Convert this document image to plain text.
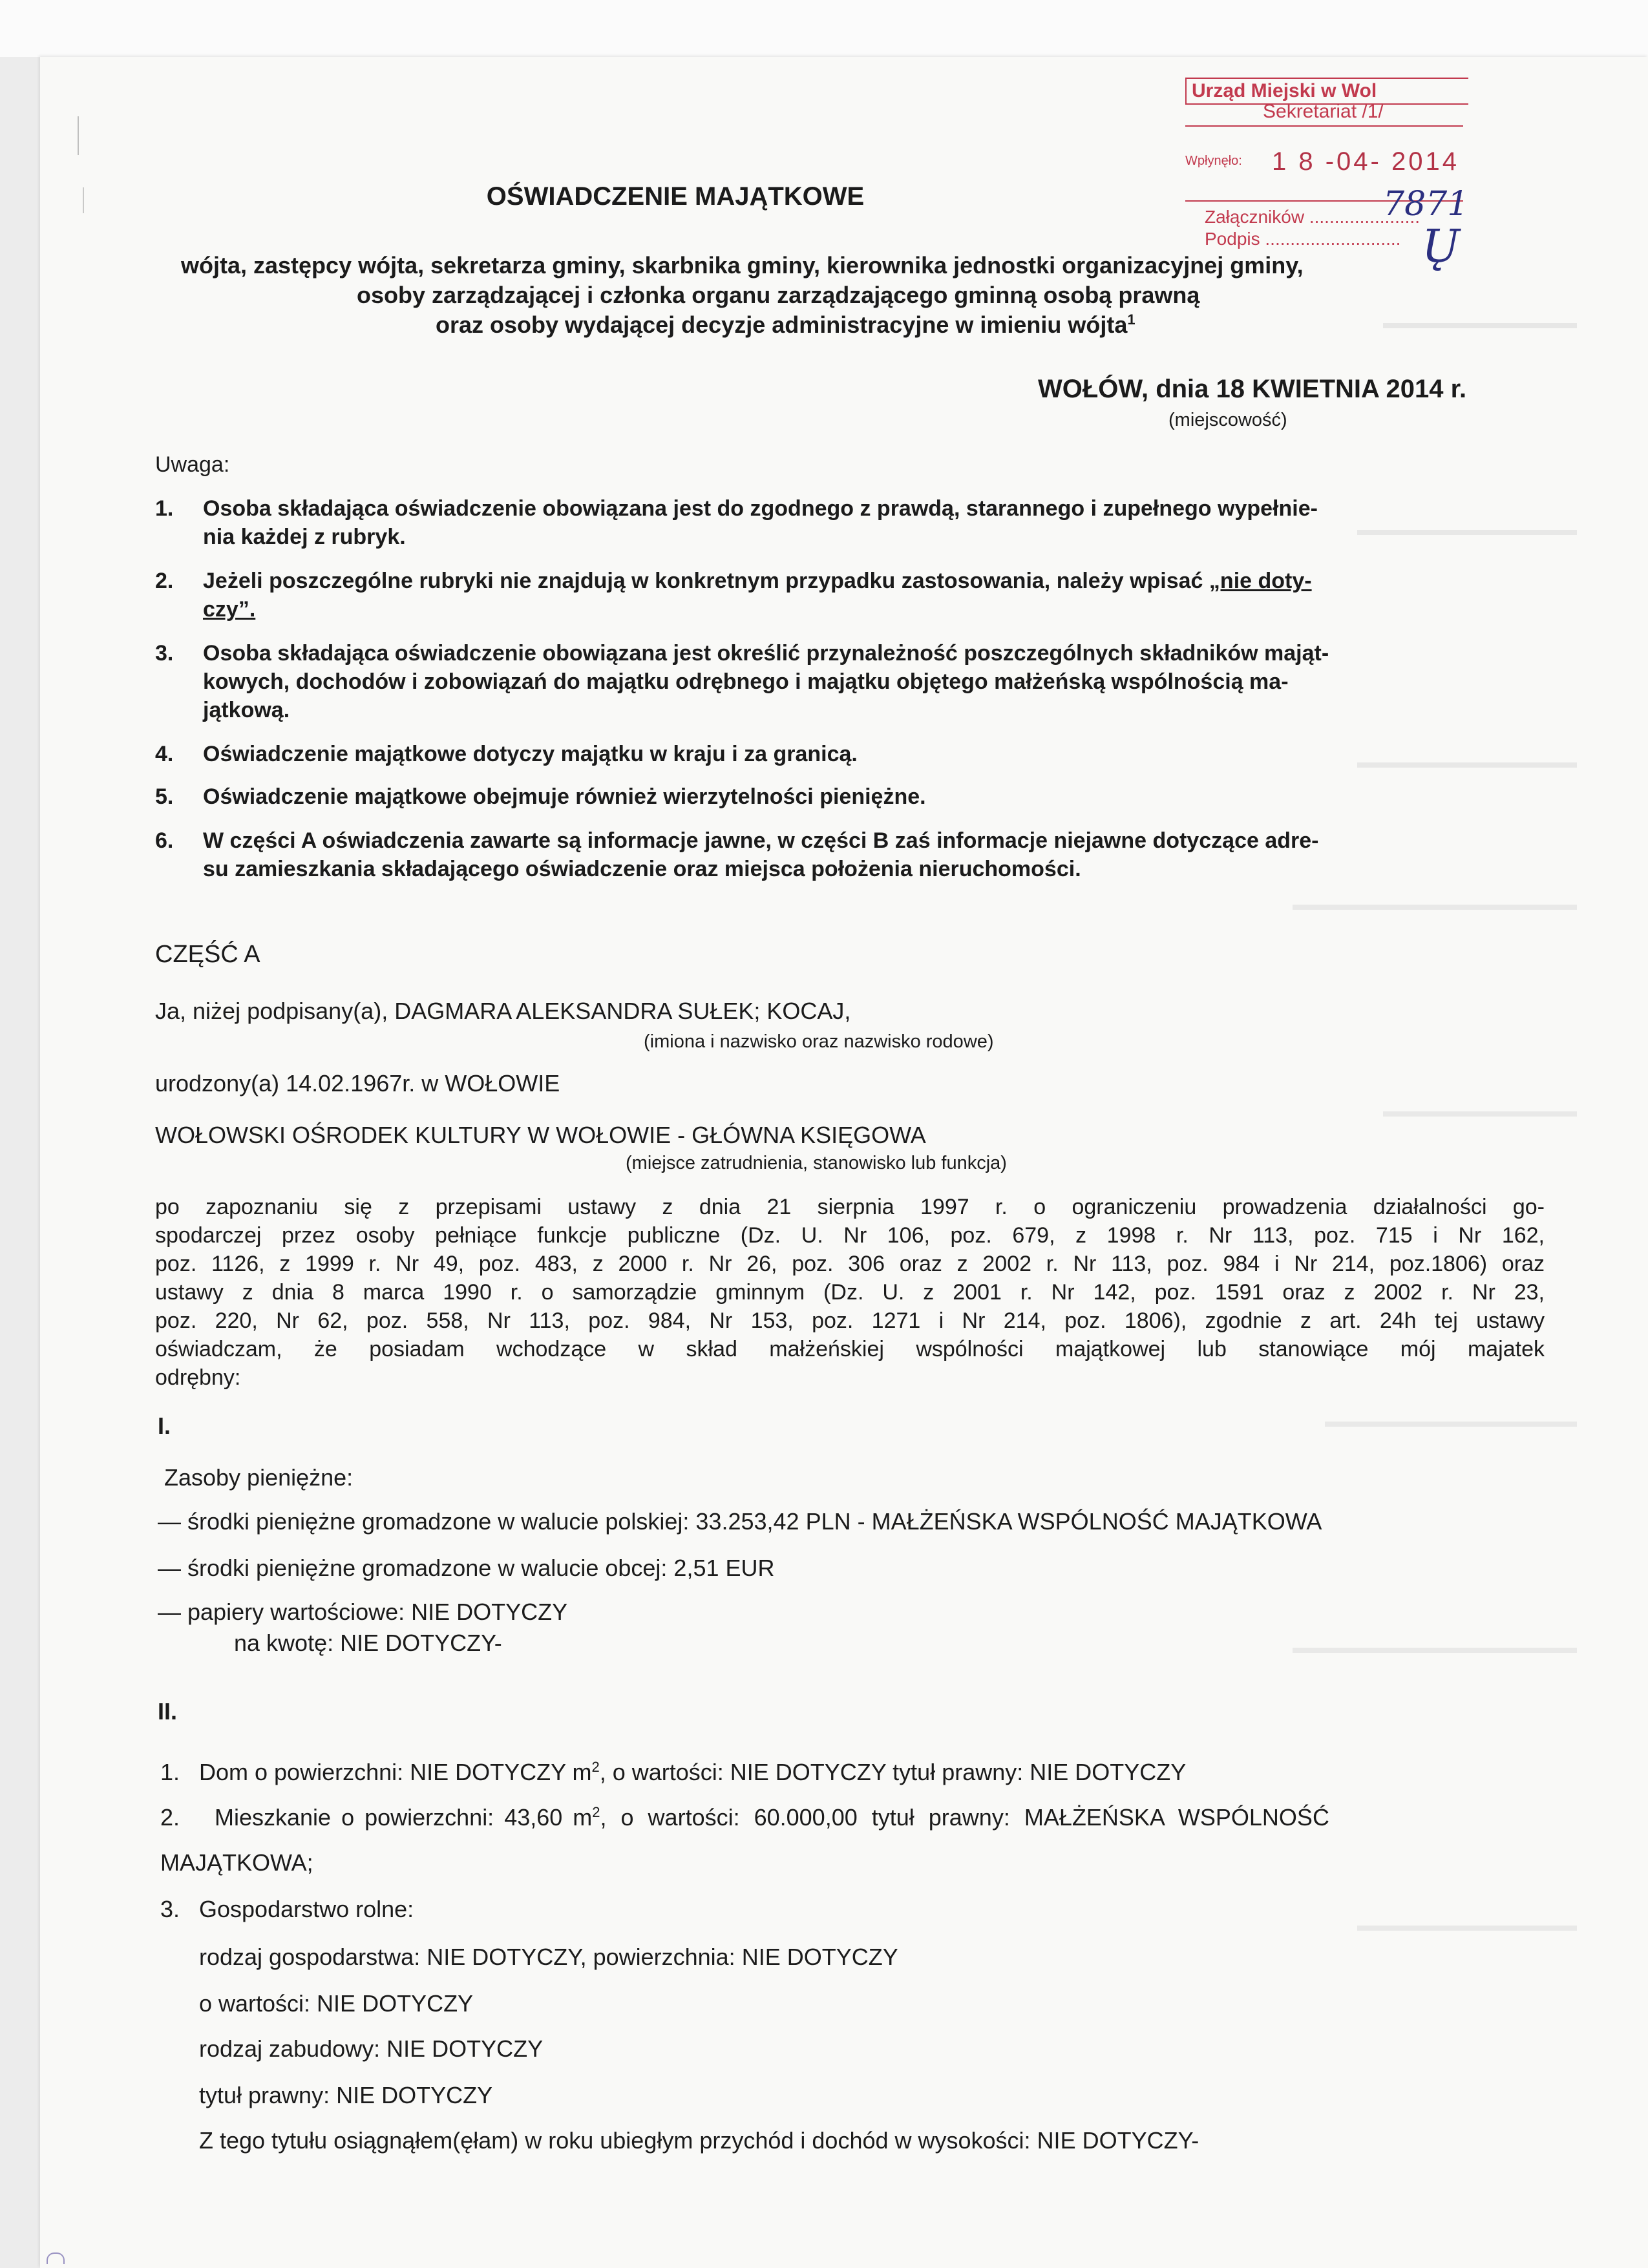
Urząd Miejski w Wol
Sekretariat /1/
Wpłynęło: 1 8 -04- 2014
Załączników ......................
Podpis ...........................
7871
Ų
OŚWIADCZENIE MAJĄTKOWE
wójta, zastępcy wójta, sekretarza gminy, skarbnika gminy, kierownika jednostki organizacyjnej gminy,
osoby zarządzającej i członka organu zarządzającego gminną osobą prawną
oraz osoby wydającej decyzje administracyjne w imieniu wójta$^1$
WOŁÓW, dnia 18 KWIETNIA 2014 r.
(miejscowość)
Uwaga:
1. Osoba składająca oświadczenie obowiązana jest do zgodnego z prawdą, starannego i zupełnego wypełnie-
nia każdej z rubryk.
2. Jeżeli poszczególne rubryki nie znajdują w konkretnym przypadku zastosowania, należy wpisać „nie doty-
czy”.
3. Osoba składająca oświadczenie obowiązana jest określić przynależność poszczególnych składników mająt-
kowych, dochodów i zobowiązań do majątku odrębnego i majątku objętego małżeńską wspólnością ma-
jątkową.
4. Oświadczenie majątkowe dotyczy majątku w kraju i za granicą.
5. Oświadczenie majątkowe obejmuje również wierzytelności pieniężne.
6. W części A oświadczenia zawarte są informacje jawne, w części B zaś informacje niejawne dotyczące adre-
su zamieszkania składającego oświadczenie oraz miejsca położenia nieruchomości.
CZĘŚĆ A
Ja, niżej podpisany(a), DAGMARA ALEKSANDRA SUŁEK; KOCAJ,
(imiona i nazwisko oraz nazwisko rodowe)
urodzony(a) 14.02.1967r. w WOŁOWIE
WOŁOWSKI OŚRODEK KULTURY W WOŁOWIE - GŁÓWNA KSIĘGOWA
(miejsce zatrudnienia, stanowisko lub funkcja)
po zapoznaniu się z przepisami ustawy z dnia 21 sierpnia 1997 r. o ograniczeniu prowadzenia działalności go-
spodarczej przez osoby pełniące funkcje publiczne (Dz. U. Nr 106, poz. 679, z 1998 r. Nr 113, poz. 715 i Nr 162,
poz. 1126, z 1999 r. Nr 49, poz. 483, z 2000 r. Nr 26, poz. 306 oraz z 2002 r. Nr 113, poz. 984 i Nr 214, poz.1806) oraz
ustawy z dnia 8 marca 1990 r. o samorządzie gminnym (Dz. U. z 2001 r. Nr 142, poz. 1591 oraz z 2002 r. Nr 23,
poz. 220, Nr 62, poz. 558, Nr 113, poz. 984, Nr 153, poz. 1271 i Nr 214, poz. 1806), zgodnie z art. 24h tej ustawy
oświadczam, że posiadam wchodzące w skład małżeńskiej wspólności majątkowej lub stanowiące mój majatek
odrębny:
I.
Zasoby pieniężne:
— środki pieniężne gromadzone w walucie polskiej: 33.253,42 PLN - MAŁŻEŃSKA WSPÓLNOŚĆ MAJĄTKOWA
— środki pieniężne gromadzone w walucie obcej: 2,51 EUR
— papiery wartościowe: NIE DOTYCZY
na kwotę: NIE DOTYCZY-
II.
1. Dom o powierzchni: NIE DOTYCZY $m^2$, o wartości: NIE DOTYCZY tytuł prawny: NIE DOTYCZY
2. Mieszkanie o powierzchni: 43,60 $m^2$, o wartości: 60.000,00 tytuł prawny: MAŁŻEŃSKA WSPÓLNOŚĆ
MAJĄTKOWA;
3. Gospodarstwo rolne:
rodzaj gospodarstwa: NIE DOTYCZY, powierzchnia: NIE DOTYCZY
o wartości: NIE DOTYCZY
rodzaj zabudowy: NIE DOTYCZY
tytuł prawny: NIE DOTYCZY
Z tego tytułu osiągnąłem(ęłam) w roku ubiegłym przychód i dochód w wysokości: NIE DOTYCZY-
